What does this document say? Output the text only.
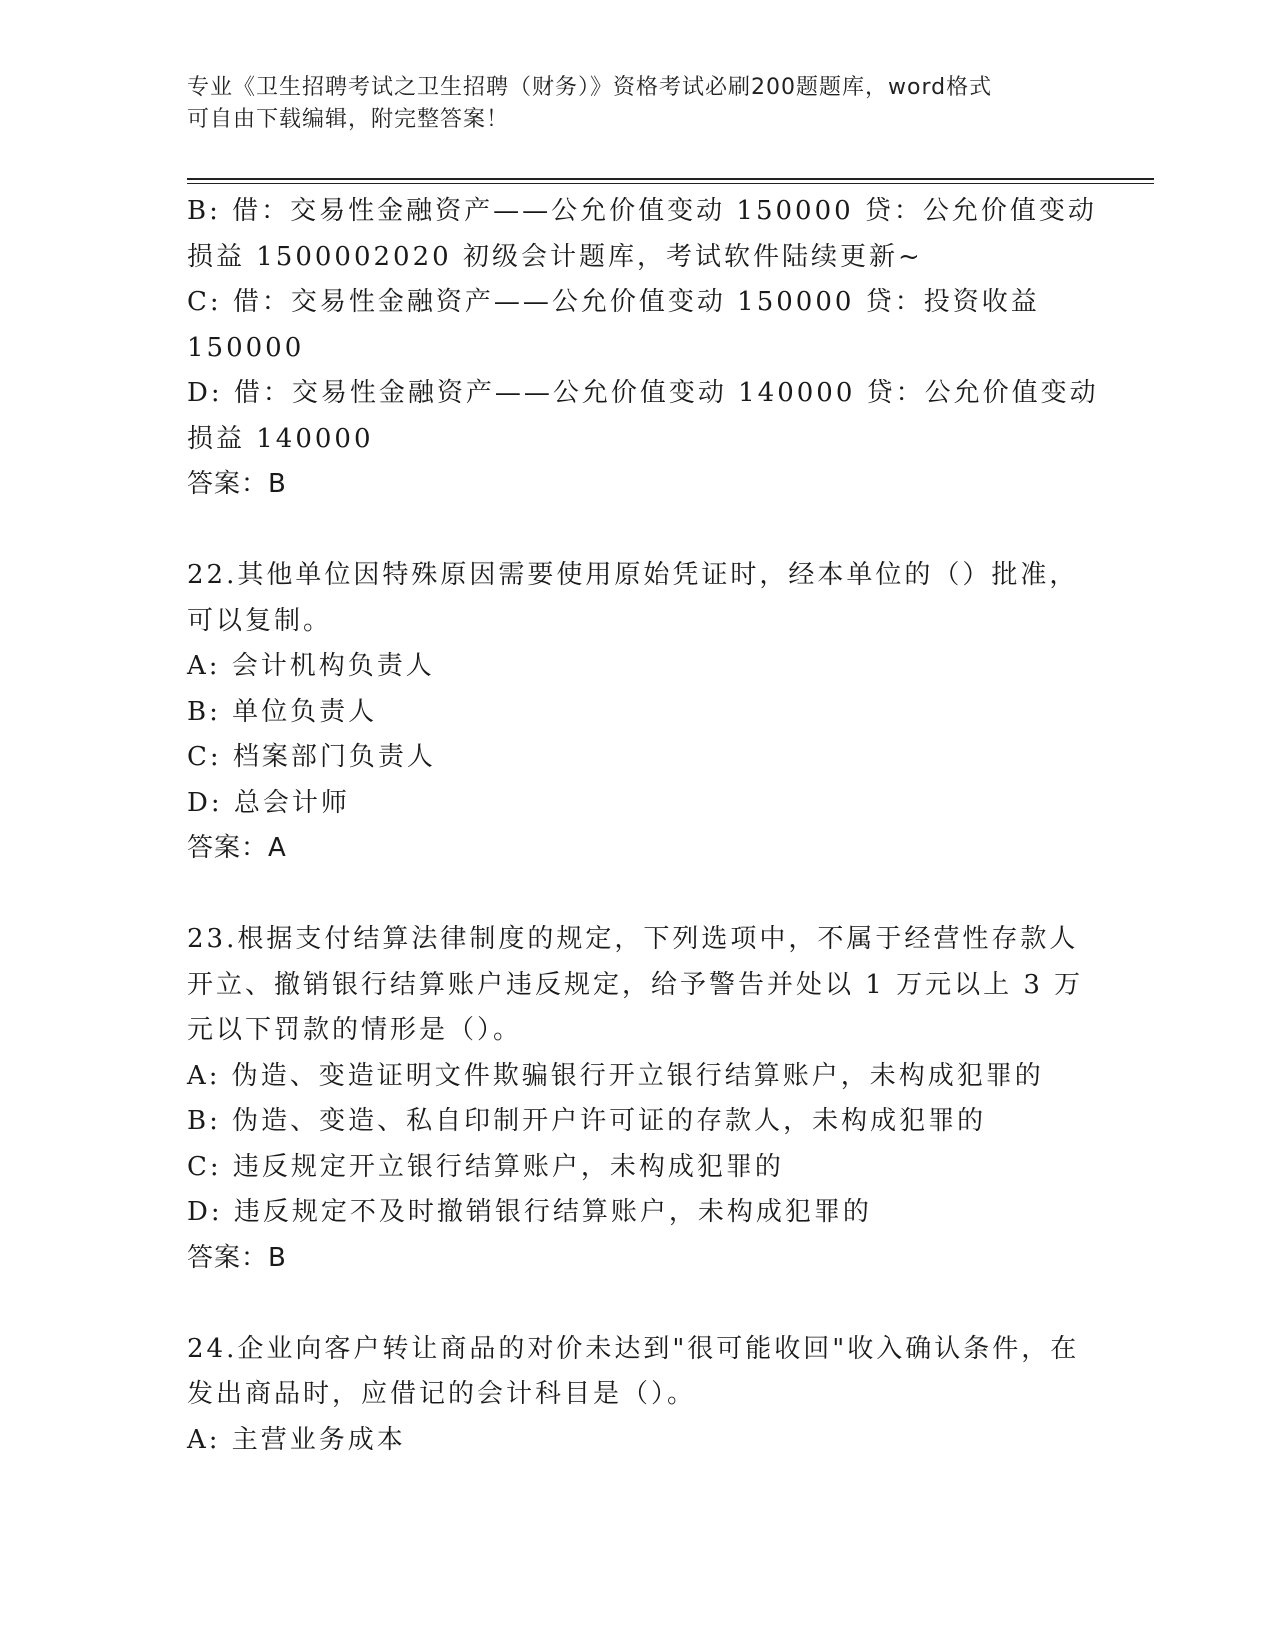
专业《卫生招聘考试之卫生招聘（财务）》资格考试必刷200题题库，word格式
可自由下载编辑，附完整答案！
B: 借：交易性金融资产——公允价值变动 150000 贷：公允价值变动
损益 1500002020 初级会计题库，考试软件陆续更新~
C: 借：交易性金融资产——公允价值变动 150000 贷：投资收益
150000
D: 借：交易性金融资产——公允价值变动 140000 贷：公允价值变动
损益 140000
答案：B
22.其他单位因特殊原因需要使用原始凭证时，经本单位的（）批准，
可以复制。
A: 会计机构负责人
B: 单位负责人
C: 档案部门负责人
D: 总会计师
答案：A
23.根据支付结算法律制度的规定，下列选项中，不属于经营性存款人
开立、撤销银行结算账户违反规定，给予警告并处以 1 万元以上 3 万
元以下罚款的情形是（）。
A: 伪造、变造证明文件欺骗银行开立银行结算账户，未构成犯罪的
B: 伪造、变造、私自印制开户许可证的存款人，未构成犯罪的
C: 违反规定开立银行结算账户，未构成犯罪的
D: 违反规定不及时撤销银行结算账户，未构成犯罪的
答案：B
24.企业向客户转让商品的对价未达到"很可能收回"收入确认条件，在
发出商品时，应借记的会计科目是（）。
A: 主营业务成本
